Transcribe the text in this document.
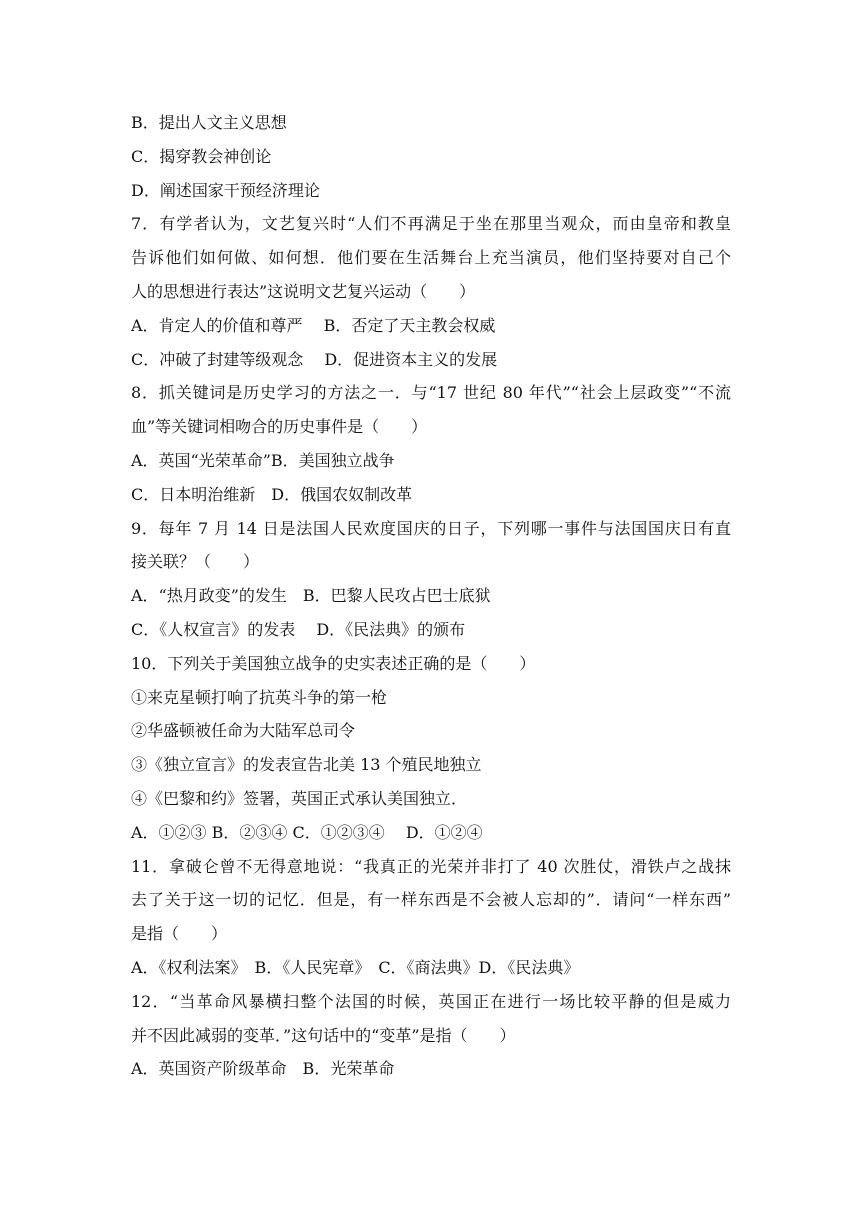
B．提出人文主义思想
C．揭穿教会神创论
D．阐述国家干预经济理论
7．有学者认为，文艺复兴时“人们不再满足于坐在那里当观众，而由皇帝和教皇
告诉他们如何做、如何想．他们要在生活舞台上充当演员，他们坚持要对自己个
人的思想进行表达”这说明文艺复兴运动（　　）
A．肯定人的价值和尊严　 B．否定了天主教会权威
C．冲破了封建等级观念　 D．促进资本主义的发展
8．抓关键词是历史学习的方法之一．与“17 世纪 80 年代”“社会上层政变”“不流
血”等关键词相吻合的历史事件是（　　）
A．英国“光荣革命”B．美国独立战争
C．日本明治维新　D．俄国农奴制改革
9．每年 7 月 14 日是法国人民欢度国庆的日子，下列哪一事件与法国国庆日有直
接关联？（　　）
A．“热月政变”的发生　B．巴黎人民攻占巴士底狱
C．《人权宣言》的发表　 D．《民法典》的颁布
10．下列关于美国独立战争的史实表述正确的是（　　）
①来克星顿打响了抗英斗争的第一枪
②华盛顿被任命为大陆军总司令
③《独立宣言》的发表宣告北美 13 个殖民地独立
④《巴黎和约》签署，英国正式承认美国独立．
A．①②③ B．②③④ C．①②③④　 D．①②④
11．拿破仑曾不无得意地说：“我真正的光荣并非打了 40 次胜仗，滑铁卢之战抹
去了关于这一切的记忆．但是，有一样东西是不会被人忘却的”．请问“一样东西”
是指（　　）
A．《权利法案》　B．《人民宪章》　C．《商法典》D．《民法典》
12．“当革命风暴横扫整个法国的时候，英国正在进行一场比较平静的但是威力
并不因此减弱的变革．”这句话中的“变革”是指（　　）
A．英国资产阶级革命　B．光荣革命
